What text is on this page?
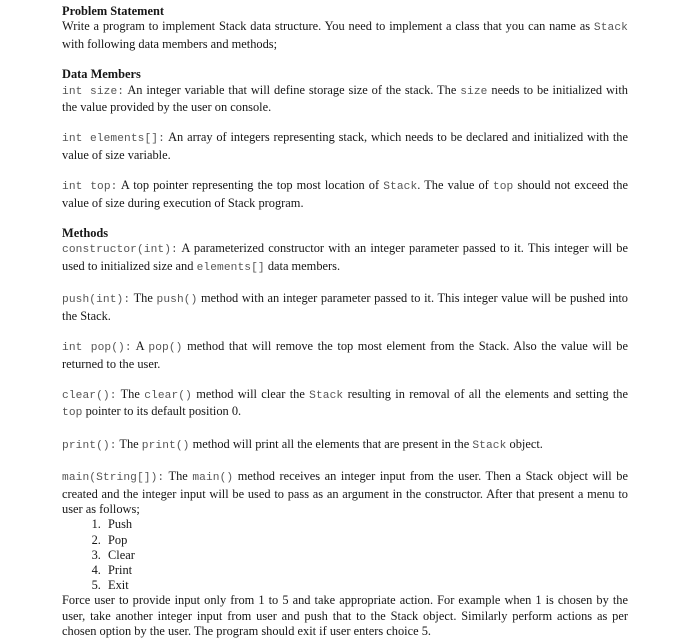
Problem Statement

Write a program to implement Stack data structure. You need to implement a class that you can name as Stack with following data members and methods;

Data Members

int size: An integer variable that will define storage size of the stack. The size needs to be initialized with the value provided by the user on console.

int elements[]: An array of integers representing stack, which needs to be declared and initialized with the value of size variable.

int top: A top pointer representing the top most location of Stack. The value of top should not exceed the value of size during execution of Stack program.

Methods

constructor(int): A parameterized constructor with an integer parameter passed to it. This integer will be used to initialized size and elements[] data members.

push(int): The push() method with an integer parameter passed to it. This integer value will be pushed into the Stack.

int pop(): A pop() method that will remove the top most element from the Stack. Also the value will be returned to the user.

clear(): The clear() method will clear the Stack resulting in removal of all the elements and setting the top pointer to its default position 0.

print(): The print() method will print all the elements that are present in the Stack object.

main(String[]): The main() method receives an integer input from the user. Then a Stack object will be created and the integer input will be used to pass as an argument in the constructor. After that present a menu to user as follows;

1. Push
2. Pop
3. Clear
4. Print
5. Exit

Force user to provide input only from 1 to 5 and take appropriate action. For example when 1 is chosen by the user, take another integer input from user and push that to the Stack object. Similarly perform actions as per chosen option by the user. The program should exit if user enters choice 5.
